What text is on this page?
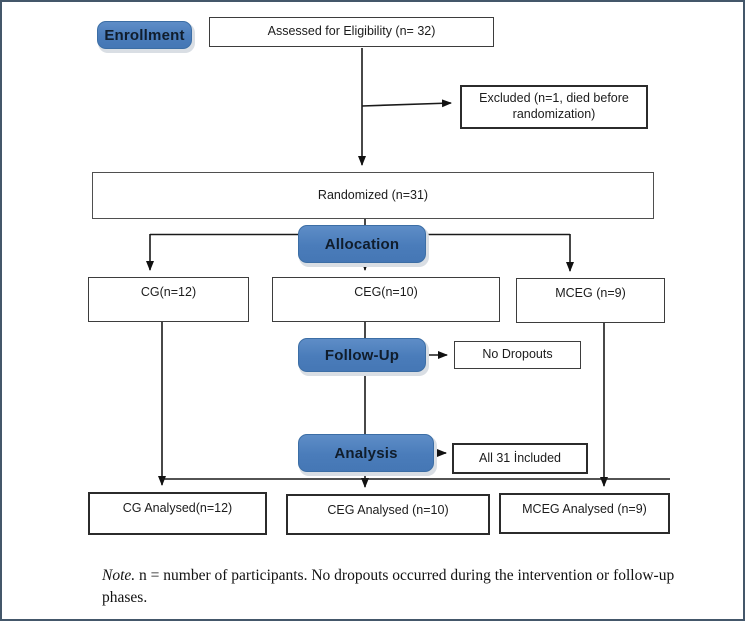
Enrollment	Assessed for Eligibility (n= 32)
Excluded (n=1, died before randomization)
Randomized (n=31)
Allocation
CG(n=12)	CEG(n=10)	MCEG (n=9)
Follow-Up	No Dropouts
Analysis	All 31 İncluded
CG Analysed(n=12)	CEG Analysed (n=10)	MCEG Analysed (n=9)
Note. n = number of participants. No dropouts occurred during the intervention or follow-up phases.
